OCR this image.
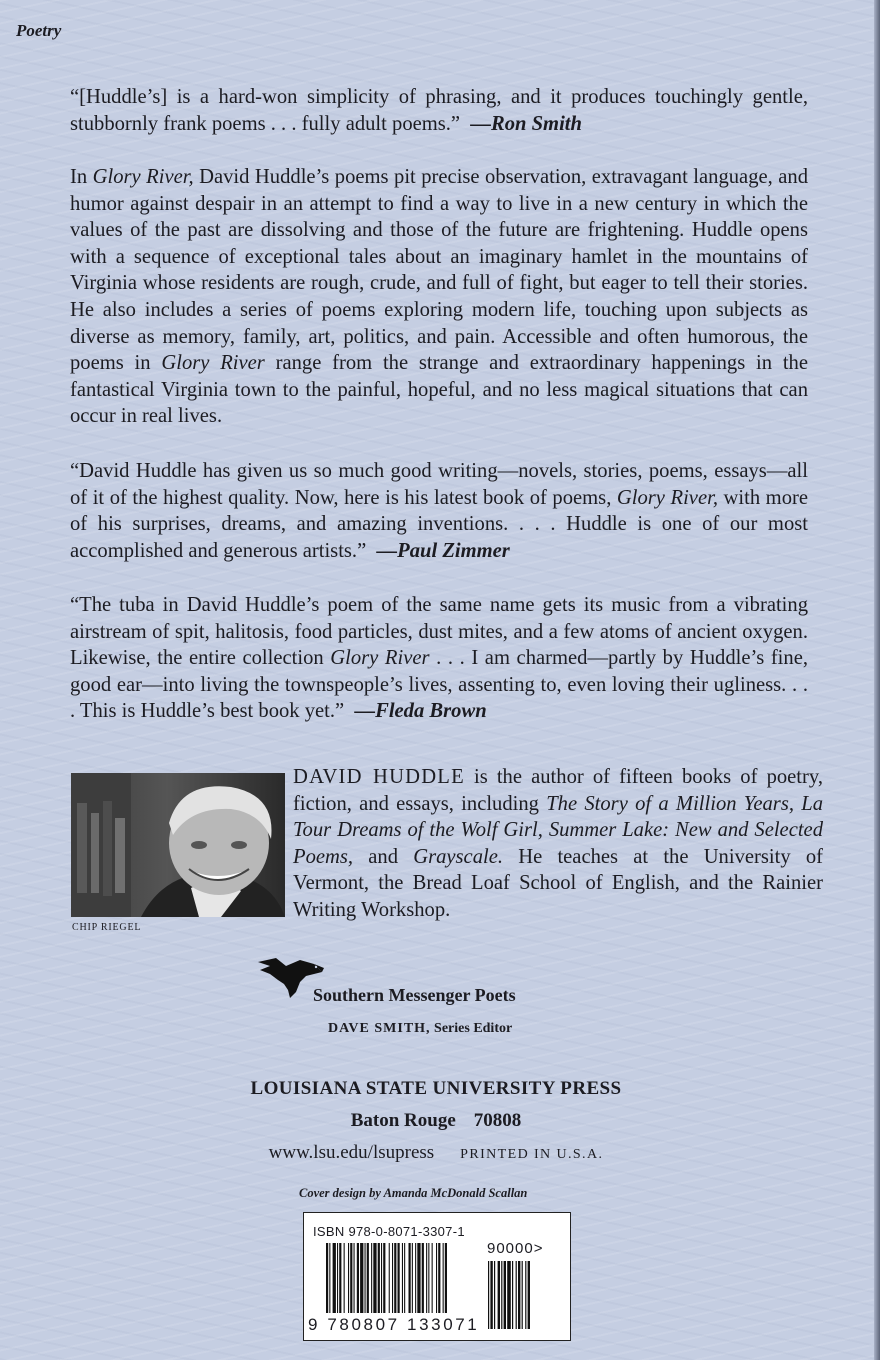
Poetry

“[Huddle’s] is a hard-won simplicity of phrasing, and it produces touchingly gentle, stubbornly frank poems . . . fully adult poems.” —Ron Smith

In Glory River, David Huddle’s poems pit precise observation, extravagant language, and humor against despair in an attempt to find a way to live in a new century in which the values of the past are dissolving and those of the future are frightening. Huddle opens with a sequence of exceptional tales about an imaginary hamlet in the mountains of Virginia whose residents are rough, crude, and full of fight, but eager to tell their stories. He also includes a series of poems exploring modern life, touching upon subjects as diverse as memory, family, art, politics, and pain. Accessible and often humorous, the poems in Glory River range from the strange and extraordinary happenings in the fantastical Virginia town to the painful, hopeful, and no less magical situations that can occur in real lives.

“David Huddle has given us so much good writing—novels, stories, poems, essays—all of it of the highest quality. Now, here is his latest book of poems, Glory River, with more of his surprises, dreams, and amazing inventions. . . . Huddle is one of our most accomplished and generous artists.” —Paul Zimmer

“The tuba in David Huddle’s poem of the same name gets its music from a vibrating airstream of spit, halitosis, food particles, dust mites, and a few atoms of ancient oxygen. Likewise, the entire collection Glory River . . . I am charmed—partly by Huddle’s fine, good ear—into living the townspeople’s lives, assenting to, even loving their ugliness. . . . This is Huddle’s best book yet.” —Fleda Brown

CHIP RIEGEL

DAVID HUDDLE is the author of fifteen books of poetry, fiction, and essays, including The Story of a Million Years, La Tour Dreams of the Wolf Girl, Summer Lake: New and Selected Poems, and Grayscale. He teaches at the University of Vermont, the Bread Loaf School of English, and the Rainier Writing Workshop.

Southern Messenger Poets
DAVE SMITH, Series Editor
LOUISIANA STATE UNIVERSITY PRESS
Baton Rouge 70808
www.lsu.edu/lsupress PRINTED IN U.S.A.
Cover design by Amanda McDonald Scallan
ISBN 978-0-8071-3307-1
90000>
9 780807 133071
